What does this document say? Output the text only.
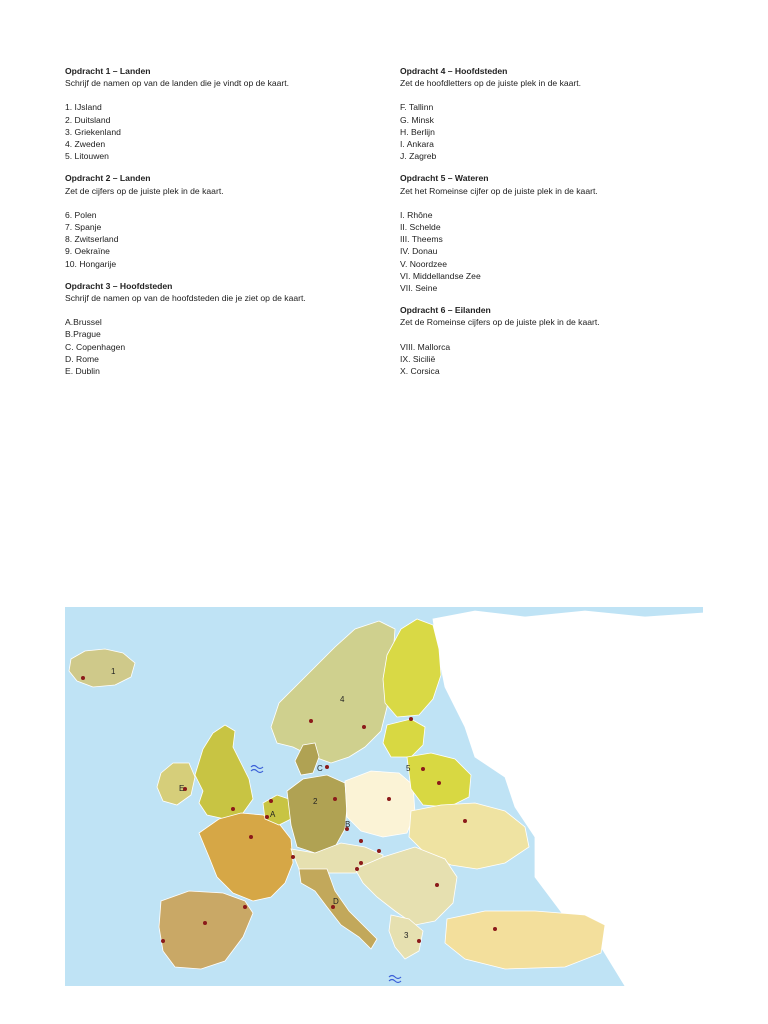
Opdracht 1 – Landen

Schrijf de namen op van de landen die je vindt op de kaart.

1. IJsland
2. Duitsland
3. Griekenland
4. Zweden
5. Litouwen
Opdracht 2 – Landen

Zet de cijfers op de juiste plek in de kaart.

6. Polen
7. Spanje
8. Zwitserland
9. Oekraïne
10. Hongarije
Opdracht 3 – Hoofdsteden

Schrijf de namen op van de hoofdsteden die je ziet op de kaart.

A.Brussel
B.Prague
C. Copenhagen
D. Rome
E. Dublin
Opdracht 4 – Hoofdsteden

Zet de hoofdletters op de juiste plek in de kaart.

F. Tallinn
G. Minsk
H. Berlijn
I. Ankara
J. Zagreb
Opdracht 5 – Wateren

Zet het Romeinse cijfer op de juiste plek in de kaart.

I. Rhône
II. Schelde
III. Theems
IV. Donau
V. Noordzee
VI. Middellandse Zee
VII. Seine
Opdracht 6 – Eilanden

Zet de Romeinse cijfers op de juiste plek in de kaart.

VIII. Mallorca
IX. Sicilië
X. Corsica
1
2
3
4
5
A
B
C
D
E
